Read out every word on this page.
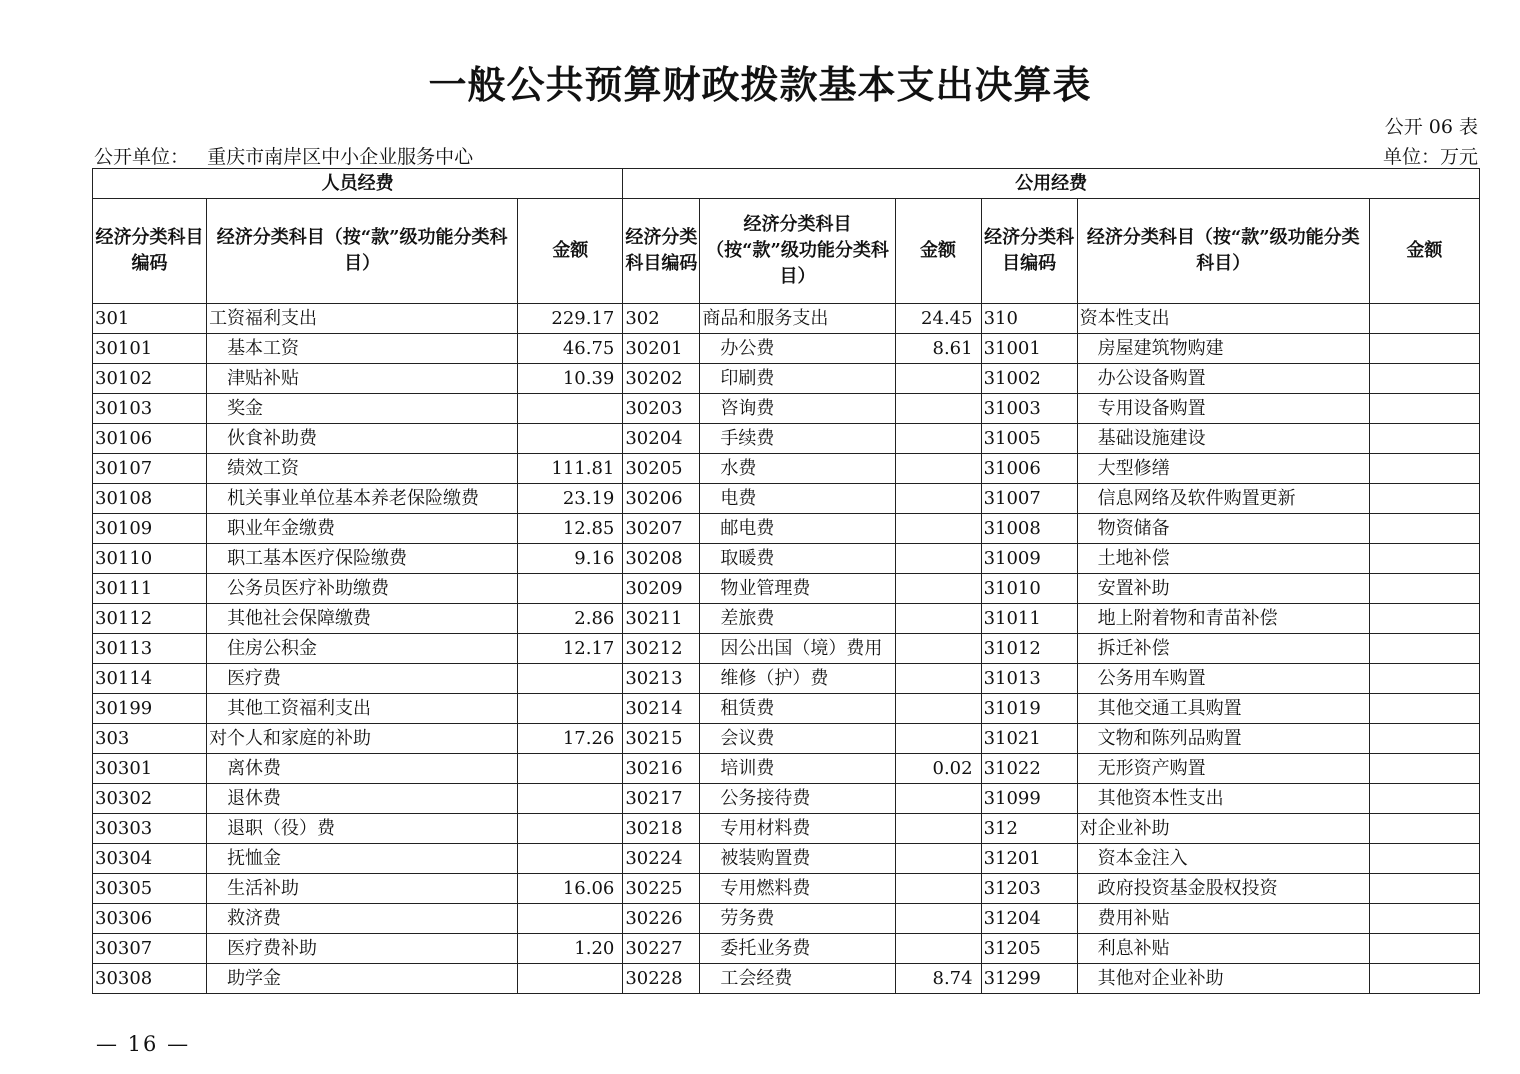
一般公共预算财政拨款基本支出决算表
公开 06 表
公开单位： 重庆市南岸区中小企业服务中心	单位：万元
人员经费			公用经费					
经济分类科目编码	经济分类科目（按“款”级功能分类科目）	金额	经济分类科目编码	经济分类科目（按“款”级功能分类科目）	金额	经济分类科目编码	经济分类科目（按“款”级功能分类科目）	金额
301	工资福利支出	229.17	302	商品和服务支出	24.45	310	资本性支出	
30101	基本工资	46.75	30201	办公费	8.61	31001	房屋建筑物购建	
30102	津贴补贴	10.39	30202	印刷费		31002	办公设备购置	
30103	奖金		30203	咨询费		31003	专用设备购置	
30106	伙食补助费		30204	手续费		31005	基础设施建设	
30107	绩效工资	111.81	30205	水费		31006	大型修缮	
30108	机关事业单位基本养老保险缴费	23.19	30206	电费		31007	信息网络及软件购置更新	
30109	职业年金缴费	12.85	30207	邮电费		31008	物资储备	
30110	职工基本医疗保险缴费	9.16	30208	取暖费		31009	土地补偿	
30111	公务员医疗补助缴费		30209	物业管理费		31010	安置补助	
30112	其他社会保障缴费	2.86	30211	差旅费		31011	地上附着物和青苗补偿	
30113	住房公积金	12.17	30212	因公出国（境）费用		31012	拆迁补偿	
30114	医疗费		30213	维修（护）费		31013	公务用车购置	
30199	其他工资福利支出		30214	租赁费		31019	其他交通工具购置	
303	对个人和家庭的补助	17.26	30215	会议费		31021	文物和陈列品购置	
30301	离休费		30216	培训费	0.02	31022	无形资产购置	
30302	退休费		30217	公务接待费		31099	其他资本性支出	
30303	退职（役）费		30218	专用材料费		312	对企业补助	
30304	抚恤金		30224	被装购置费		31201	资本金注入	
30305	生活补助	16.06	30225	专用燃料费		31203	政府投资基金股权投资	
30306	救济费		30226	劳务费		31204	费用补贴	
30307	医疗费补助	1.20	30227	委托业务费		31205	利息补贴	
30308	助学金		30228	工会经费	8.74	31299	其他对企业补助	
— 16 —
